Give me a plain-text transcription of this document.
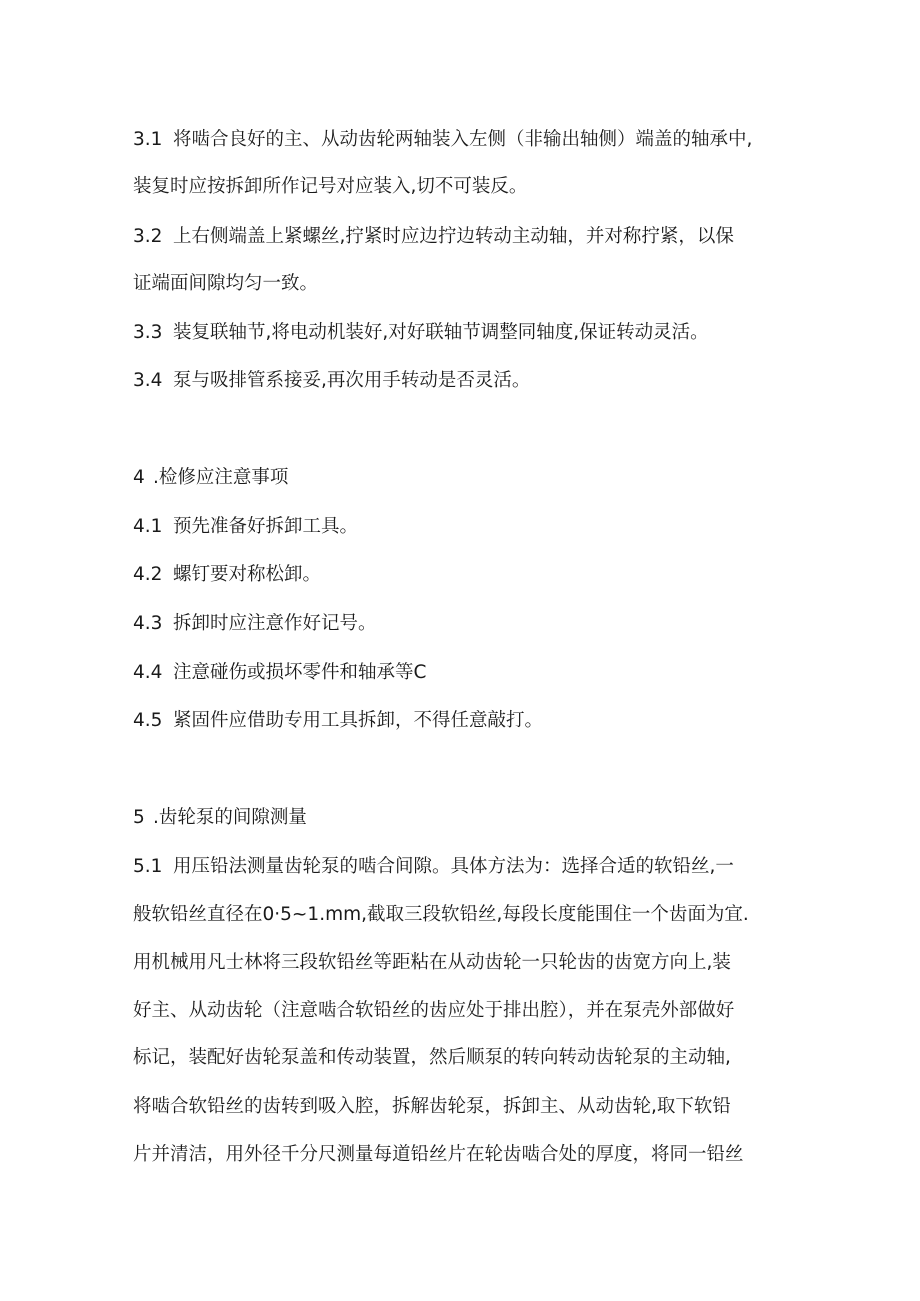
3.1 将啮合良好的主、从动齿轮两轴装入左侧（非输出轴侧）端盖的轴承中,
装复时应按拆卸所作记号对应装入,切不可装反。
3.2 上右侧端盖上紧螺丝,拧紧时应边拧边转动主动轴，并对称拧紧，以保
证端面间隙均匀一致。
3.3 装复联轴节,将电动机装好,对好联轴节调整同轴度,保证转动灵活。
3.4 泵与吸排管系接妥,再次用手转动是否灵活。
4 .检修应注意事项
4.1 预先准备好拆卸工具。
4.2 螺钉要对称松卸。
4.3 拆卸时应注意作好记号。
4.4 注意碰伤或损坏零件和轴承等C
4.5 紧固件应借助专用工具拆卸，不得任意敲打。
5 .齿轮泵的间隙测量
5.1 用压铅法测量齿轮泵的啮合间隙。具体方法为：选择合适的软铅丝,一
般软铅丝直径在0·5~1.mm,截取三段软铅丝,每段长度能围住一个齿面为宜.
用机械用凡士林将三段软铅丝等距粘在从动齿轮一只轮齿的齿宽方向上,装
好主、从动齿轮（注意啮合软铅丝的齿应处于排出腔），并在泵壳外部做好
标记，装配好齿轮泵盖和传动装置，然后顺泵的转向转动齿轮泵的主动轴,
将啮合软铅丝的齿转到吸入腔，拆解齿轮泵，拆卸主、从动齿轮,取下软铅
片并清洁，用外径千分尺测量每道铅丝片在轮齿啮合处的厚度，将同一铅丝
